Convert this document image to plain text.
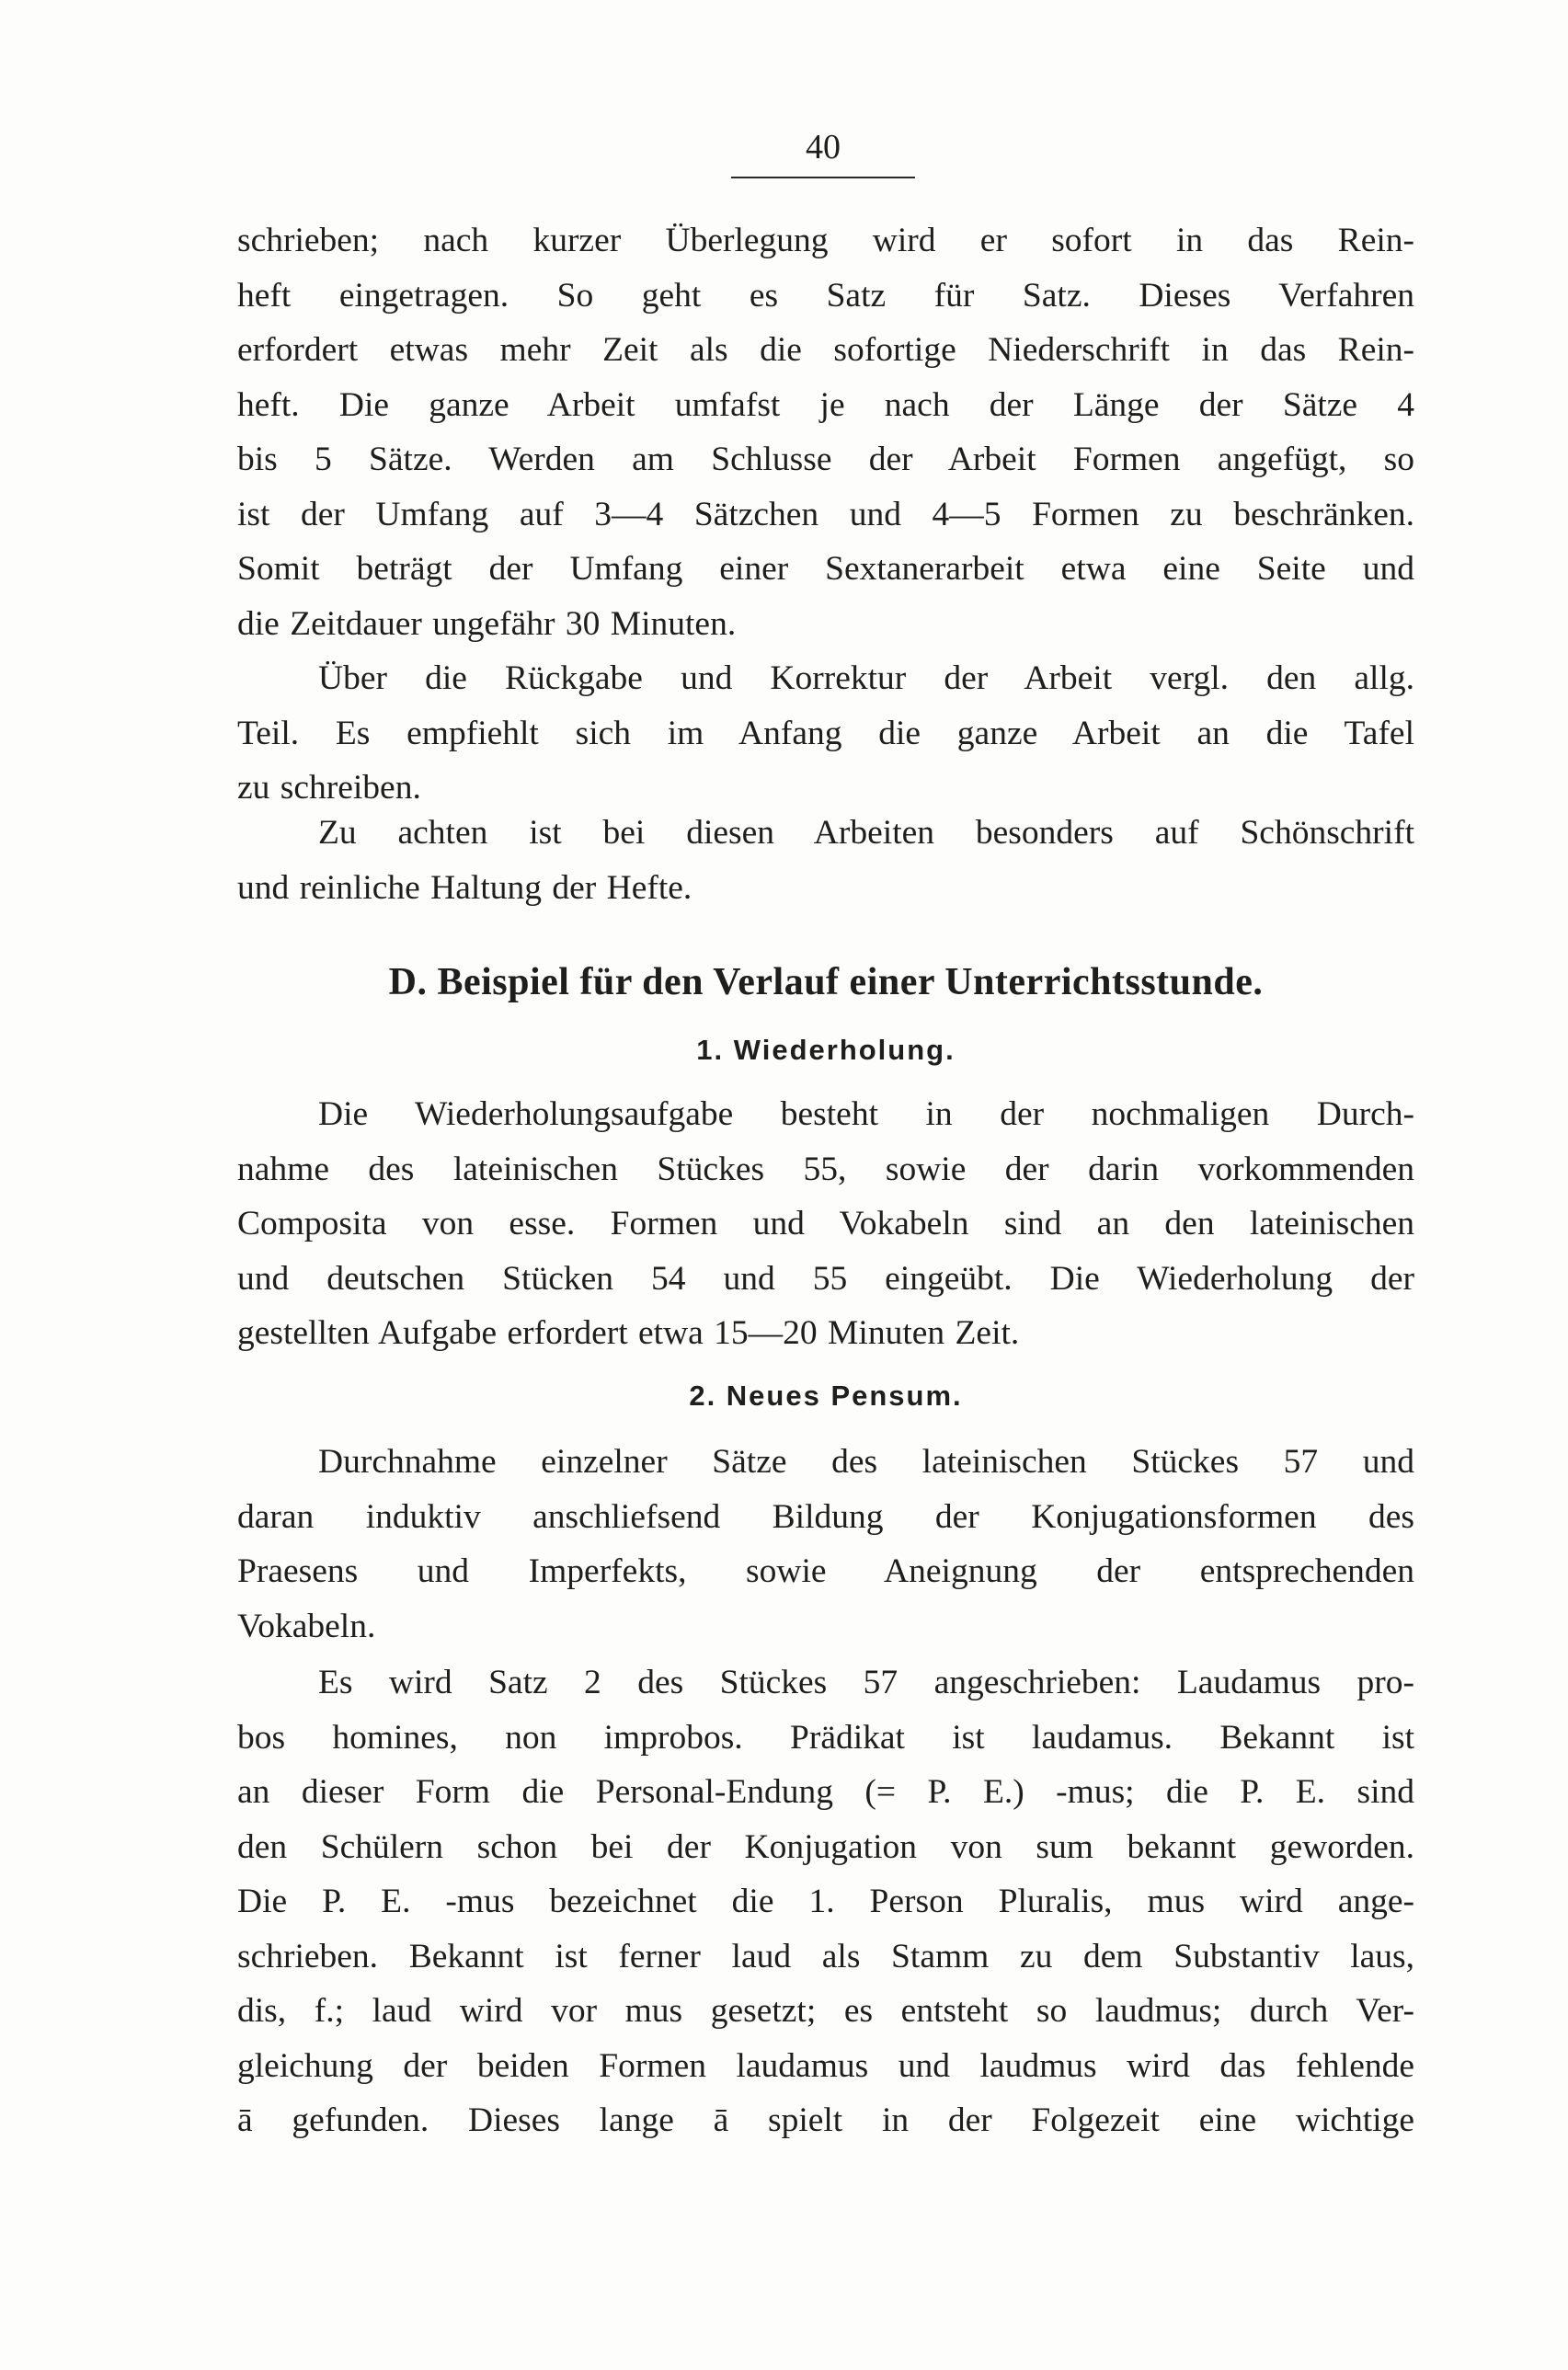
40
schrieben; nach kurzer Überlegung wird er sofort in das Rein-
heft eingetragen. So geht es Satz für Satz. Dieses Verfahren
erfordert etwas mehr Zeit als die sofortige Niederschrift in das Rein-
heft. Die ganze Arbeit umfafst je nach der Länge der Sätze 4
bis 5 Sätze. Werden am Schlusse der Arbeit Formen angefügt, so
ist der Umfang auf 3—4 Sätzchen und 4—5 Formen zu beschränken.
Somit beträgt der Umfang einer Sextanerarbeit etwa eine Seite und
die Zeitdauer ungefähr 30 Minuten.
Über die Rückgabe und Korrektur der Arbeit vergl. den allg.
Teil. Es empfiehlt sich im Anfang die ganze Arbeit an die Tafel
zu schreiben.
Zu achten ist bei diesen Arbeiten besonders auf Schönschrift
und reinliche Haltung der Hefte.
D. Beispiel für den Verlauf einer Unterrichtsstunde.
1. Wiederholung.
Die Wiederholungsaufgabe besteht in der nochmaligen Durch-
nahme des lateinischen Stückes 55, sowie der darin vorkommenden
Composita von esse. Formen und Vokabeln sind an den lateinischen
und deutschen Stücken 54 und 55 eingeübt. Die Wiederholung der
gestellten Aufgabe erfordert etwa 15—20 Minuten Zeit.
2. Neues Pensum.
Durchnahme einzelner Sätze des lateinischen Stückes 57 und
daran induktiv anschliefsend Bildung der Konjugationsformen des
Praesens und Imperfekts, sowie Aneignung der entsprechenden
Vokabeln.
Es wird Satz 2 des Stückes 57 angeschrieben: Laudamus pro-
bos homines, non improbos. Prädikat ist laudamus. Bekannt ist
an dieser Form die Personal-Endung (= P. E.) -mus; die P. E. sind
den Schülern schon bei der Konjugation von sum bekannt geworden.
Die P. E. -mus bezeichnet die 1. Person Pluralis, mus wird ange-
schrieben. Bekannt ist ferner laud als Stamm zu dem Substantiv laus,
dis, f.; laud wird vor mus gesetzt; es entsteht so laudmus; durch Ver-
gleichung der beiden Formen laudamus und laudmus wird das fehlende
ā gefunden. Dieses lange ā spielt in der Folgezeit eine wichtige
